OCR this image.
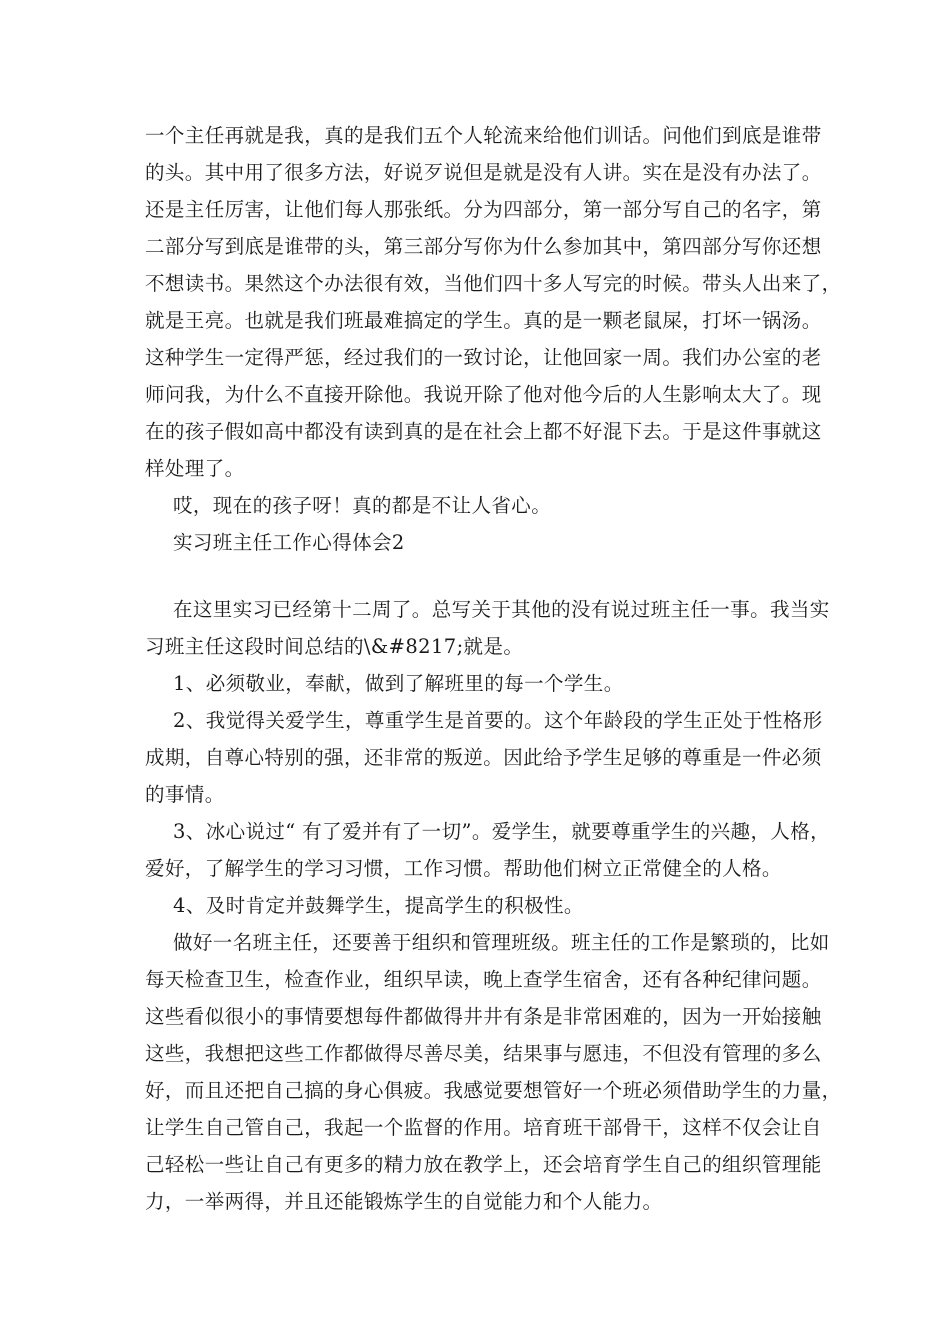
一个主任再就是我，真的是我们五个人轮流来给他们训话。问他们到底是谁带
的头。其中用了很多方法，好说歹说但是就是没有人讲。实在是没有办法了。
还是主任厉害，让他们每人那张纸。分为四部分，第一部分写自己的名字，第
二部分写到底是谁带的头，第三部分写你为什么参加其中，第四部分写你还想
不想读书。果然这个办法很有效，当他们四十多人写完的时候。带头人出来了，
就是王亮。也就是我们班最难搞定的学生。真的是一颗老鼠屎，打坏一锅汤。
这种学生一定得严惩，经过我们的一致讨论，让他回家一周。我们办公室的老
师问我，为什么不直接开除他。我说开除了他对他今后的人生影响太大了。现
在的孩子假如高中都没有读到真的是在社会上都不好混下去。于是这件事就这
样处理了。
哎，现在的孩子呀！真的都是不让人省心。
实习班主任工作心得体会2
在这里实习已经第十二周了。总写关于其他的没有说过班主任一事。我当实
习班主任这段时间总结的\&#8217;就是。
1、必须敬业，奉献，做到了解班里的每一个学生。
2、我觉得关爱学生，尊重学生是首要的。这个年龄段的学生正处于性格形
成期，自尊心特别的强，还非常的叛逆。因此给予学生足够的尊重是一件必须
的事情。
3、冰心说过“ 有了爱并有了一切”。爱学生，就要尊重学生的兴趣，人格，
爱好，了解学生的学习习惯，工作习惯。帮助他们树立正常健全的人格。
4、及时肯定并鼓舞学生，提高学生的积极性。
做好一名班主任，还要善于组织和管理班级。班主任的工作是繁琐的，比如
每天检查卫生，检查作业，组织早读，晚上查学生宿舍，还有各种纪律问题。
这些看似很小的事情要想每件都做得井井有条是非常困难的，因为一开始接触
这些，我想把这些工作都做得尽善尽美，结果事与愿违，不但没有管理的多么
好，而且还把自己搞的身心俱疲。我感觉要想管好一个班必须借助学生的力量，
让学生自己管自己，我起一个监督的作用。培育班干部骨干，这样不仅会让自
己轻松一些让自己有更多的精力放在教学上，还会培育学生自己的组织管理能
力，一举两得，并且还能锻炼学生的自觉能力和个人能力。
